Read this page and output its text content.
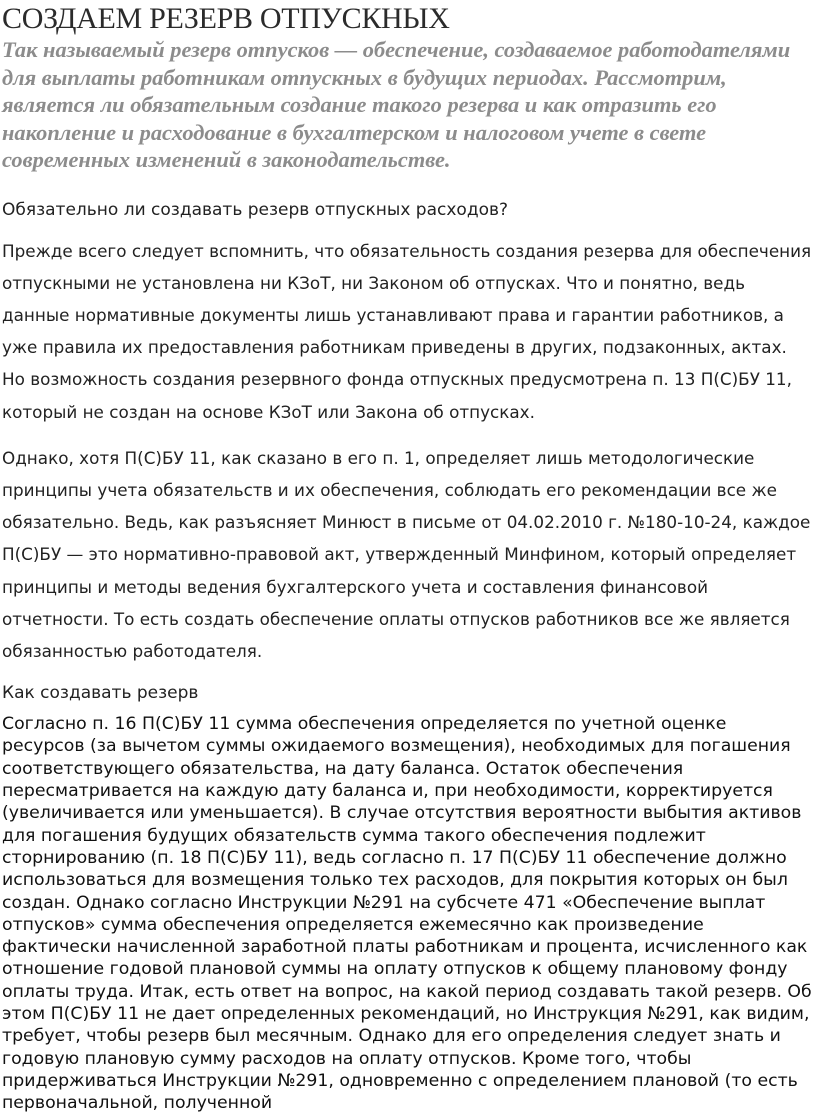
СОЗДАЕМ РЕЗЕРВ ОТПУСКНЫХ

Так называемый резерв отпусков — обеспечение, создаваемое работодателями для выплаты работникам отпускных в будущих периодах. Рассмотрим, является ли обязательным создание такого резерва и как отразить его накопление и расходование в бухгалтерском и налоговом учете в свете современных изменений в законодательстве.

Обязательно ли создавать резерв отпускных расходов?

Прежде всего следует вспомнить, что обязательность создания резерва для обеспечения отпускными не установлена ни КЗоТ, ни Законом об отпусках. Что и понятно, ведь данные нормативные документы лишь устанавливают права и гарантии работников, а уже правила их предоставления работникам приведены в других, подзаконных, актах. Но возможность создания резервного фонда отпускных предусмотрена п. 13 П(С)БУ 11, который не создан на основе КЗоТ или Закона об отпусках.

Однако, хотя П(С)БУ 11, как сказано в его п. 1, определяет лишь методологические принципы учета обязательств и их обеспечения, соблюдать его рекомендации все же обязательно. Ведь, как разъясняет Минюст в письме от 04.02.2010 г. №180-10-24, каждое П(С)БУ — это нормативно-правовой акт, утвержденный Минфином, который определяет принципы и методы ведения бухгалтерского учета и составления финансовой отчетности. То есть создать обеспечение оплаты отпусков работников все же является обязанностью работодателя.

Как создавать резерв

Согласно п. 16 П(С)БУ 11 сумма обеспечения определяется по учетной оценке ресурсов (за вычетом суммы ожидаемого возмещения), необходимых для погашения соответствующего обязательства, на дату баланса. Остаток обеспечения пересматривается на каждую дату баланса и, при необходимости, корректируется (увеличивается или уменьшается). В случае отсутствия вероятности выбытия активов для погашения будущих обязательств сумма такого обеспечения подлежит сторнированию (п. 18 П(С)БУ 11), ведь согласно п. 17 П(С)БУ 11 обеспечение должно использоваться для возмещения только тех расходов, для покрытия которых он был создан. Однако согласно Инструкции №291 на субсчете 471 «Обеспечение выплат отпусков» сумма обеспечения определяется ежемесячно как произведение фактически начисленной заработной платы работникам и процента, исчисленного как отношение годовой плановой суммы на оплату отпусков к общему плановому фонду оплаты труда. Итак, есть ответ на вопрос, на какой период создавать такой резерв. Об этом П(С)БУ 11 не дает определенных рекомендаций, но Инструкция №291, как видим, требует, чтобы резерв был месячным. Однако для его определения следует знать и годовую плановую сумму расходов на оплату отпусков. Кроме того, чтобы придерживаться Инструкции №291, одновременно с определением плановой (то есть первоначальной, полученной
